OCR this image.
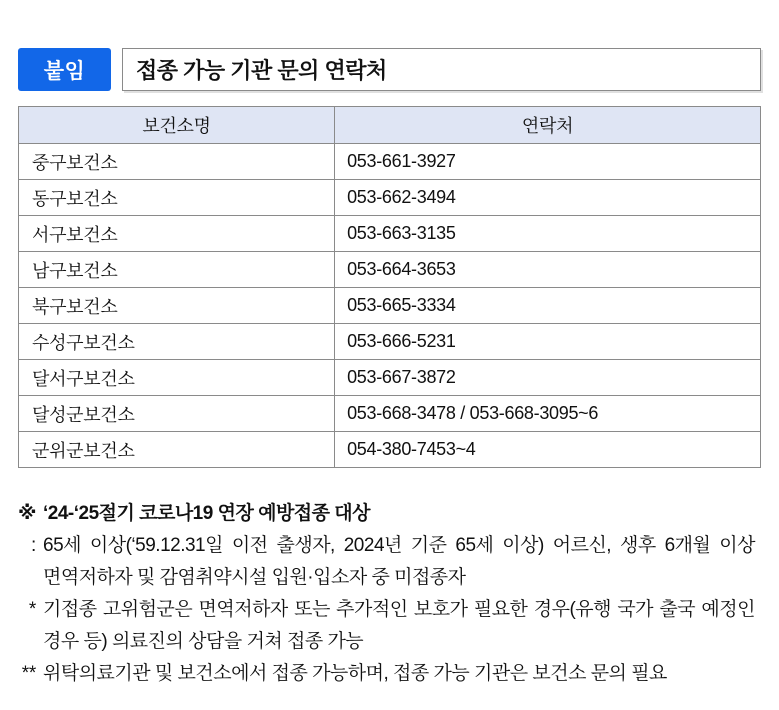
붙임	접종 가능 기관 문의 연락처
보건소명	연락처
중구보건소	053-661-3927
동구보건소	053-662-3494
서구보건소	053-663-3135
남구보건소	053-664-3653
북구보건소	053-665-3334
수성구보건소	053-666-5231
달서구보건소	053-667-3872
달성군보건소	053-668-3478 / 053-668-3095~6
군위군보건소	054-380-7453~4
※ ‘24-‘25절기 코로나19 연장 예방접종 대상
: 65세 이상(‘59.12.31일 이전 출생자, 2024년 기준 65세 이상) 어르신, 생후 6개월 이상 면역저하자 및 감염취약시설 입원·입소자 중 미접종자
* 기접종 고위험군은 면역저하자 또는 추가적인 보호가 필요한 경우(유행 국가 출국 예정인 경우 등) 의료진의 상담을 거쳐 접종 가능
** 위탁의료기관 및 보건소에서 접종 가능하며, 접종 가능 기관은 보건소 문의 필요
